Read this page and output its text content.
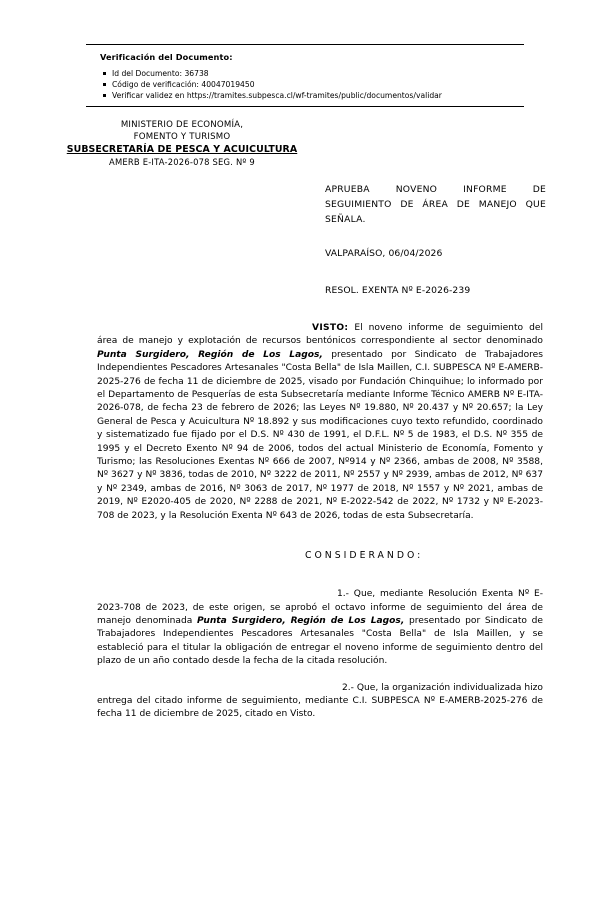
Verificación del Documento:
Id del Documento: 36738
Código de verificación: 40047019450
Verificar validez en https://tramites.subpesca.cl/wf-tramites/public/documentos/validar
MINISTERIO DE ECONOMÍA,
FOMENTO Y TURISMO
SUBSECRETARÍA DE PESCA Y ACUICULTURA
AMERB E-ITA-2026-078 SEG. Nº 9
APRUEBA NOVENO INFORME DE SEGUIMIENTO DE ÁREA DE MANEJO QUE SEÑALA.
VALPARAÍSO, 06/04/2026
RESOL. EXENTA Nº E-2026-239

VISTO: El noveno informe de seguimiento del área de manejo y explotación de recursos bentónicos correspondiente al sector denominado Punta Surgidero, Región de Los Lagos, presentado por Sindicato de Trabajadores Independientes Pescadores Artesanales "Costa Bella" de Isla Maillen, C.I. SUBPESCA Nº E-AMERB-2025-276 de fecha 11 de diciembre de 2025, visado por Fundación Chinquihue; lo informado por el Departamento de Pesquerías de esta Subsecretaría mediante Informe Técnico AMERB Nº E-ITA-2026-078, de fecha 23 de febrero de 2026; las Leyes Nº 19.880, Nº 20.437 y Nº 20.657; la Ley General de Pesca y Acuicultura Nº 18.892 y sus modificaciones cuyo texto refundido, coordinado y sistematizado fue fijado por el D.S. Nº 430 de 1991, el D.F.L. Nº 5 de 1983, el D.S. Nº 355 de 1995 y el Decreto Exento Nº 94 de 2006, todos del actual Ministerio de Economía, Fomento y Turismo; las Resoluciones Exentas Nº 666 de 2007, Nº914 y Nº 2366, ambas de 2008, Nº 3588, Nº 3627 y Nº 3836, todas de 2010, Nº 3222 de 2011, Nº 2557 y Nº 2939, ambas de 2012, Nº 637 y Nº 2349, ambas de 2016, Nº 3063 de 2017, Nº 1977 de 2018, Nº 1557 y Nº 2021, ambas de 2019, Nº E2020-405 de 2020, Nº 2288 de 2021, Nº E-2022-542 de 2022, Nº 1732 y Nº E-2023-708 de 2023, y la Resolución Exenta Nº 643 de 2026, todas de esta Subsecretaría.

CONSIDERANDO:

1.- Que, mediante Resolución Exenta Nº E-2023-708 de 2023, de este origen, se aprobó el octavo informe de seguimiento del área de manejo denominada Punta Surgidero, Región de Los Lagos, presentado por Sindicato de Trabajadores Independientes Pescadores Artesanales "Costa Bella" de Isla Maillen, y se estableció para el titular la obligación de entregar el noveno informe de seguimiento dentro del plazo de un año contado desde la fecha de la citada resolución.

2.- Que, la organización individualizada hizo entrega del citado informe de seguimiento, mediante C.I. SUBPESCA Nº E-AMERB-2025-276 de fecha 11 de diciembre de 2025, citado en Visto.
